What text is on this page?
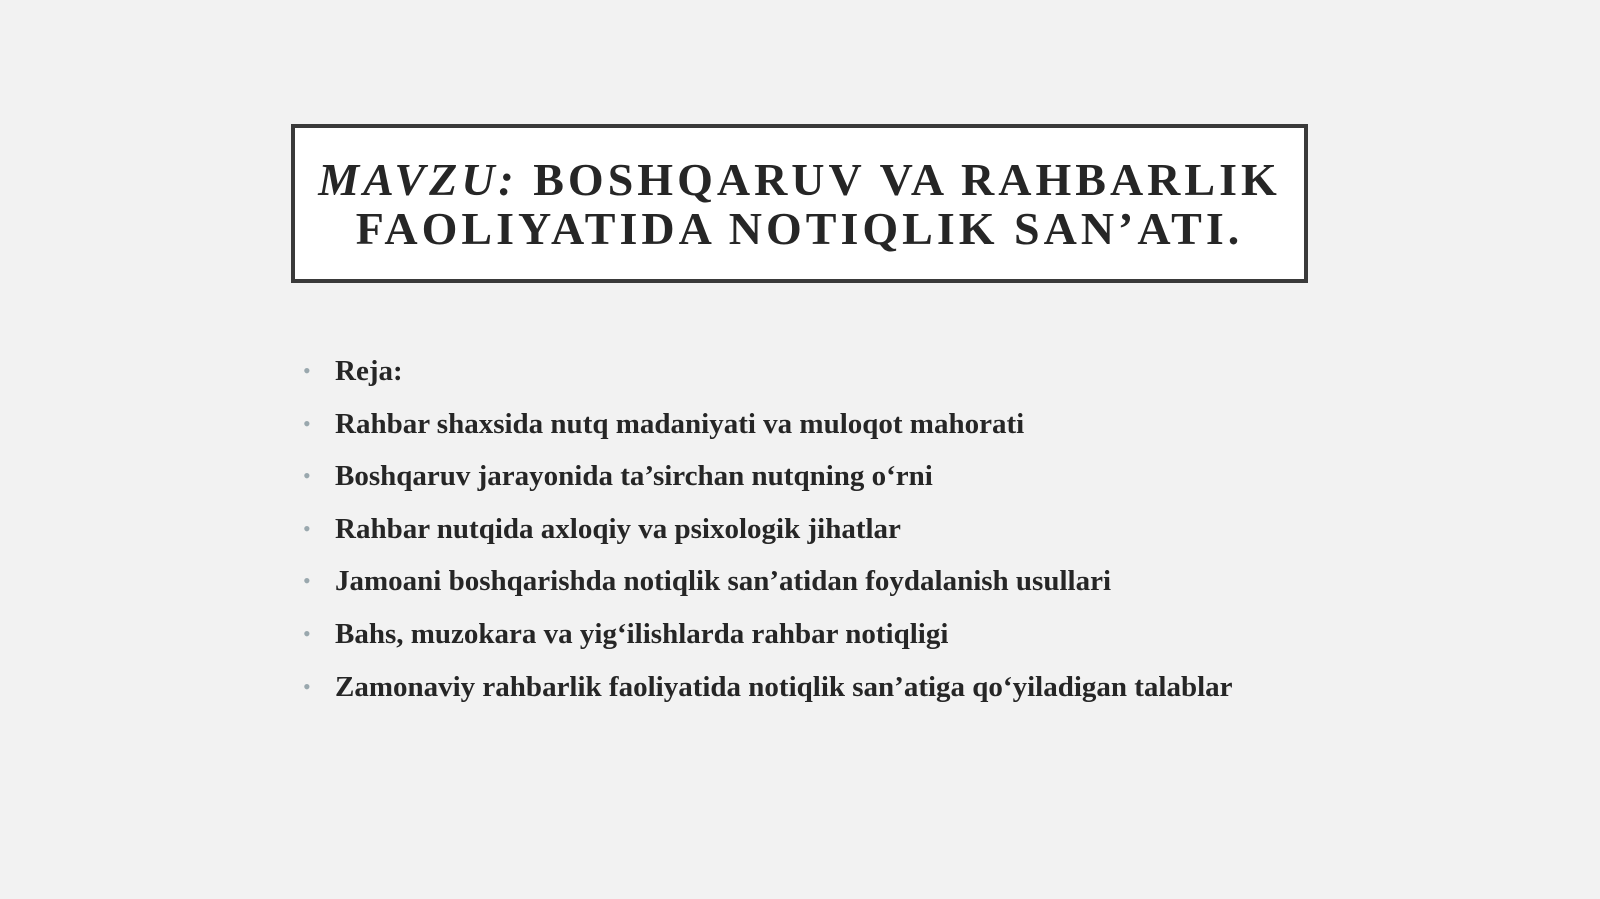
MAVZU: BOSHQARUV VA RAHBARLIK
FAOLIYATIDA NOTIQLIK SAN’ATI.
• Reja:
• Rahbar shaxsida nutq madaniyati va muloqot mahorati
• Boshqaruv jarayonida ta’sirchan nutqning o‘rni
• Rahbar nutqida axloqiy va psixologik jihatlar
• Jamoani boshqarishda notiqlik san’atidan foydalanish usullari
• Bahs, muzokara va yig‘ilishlarda rahbar notiqligi
• Zamonaviy rahbarlik faoliyatida notiqlik san’atiga qo‘yiladigan talablar
